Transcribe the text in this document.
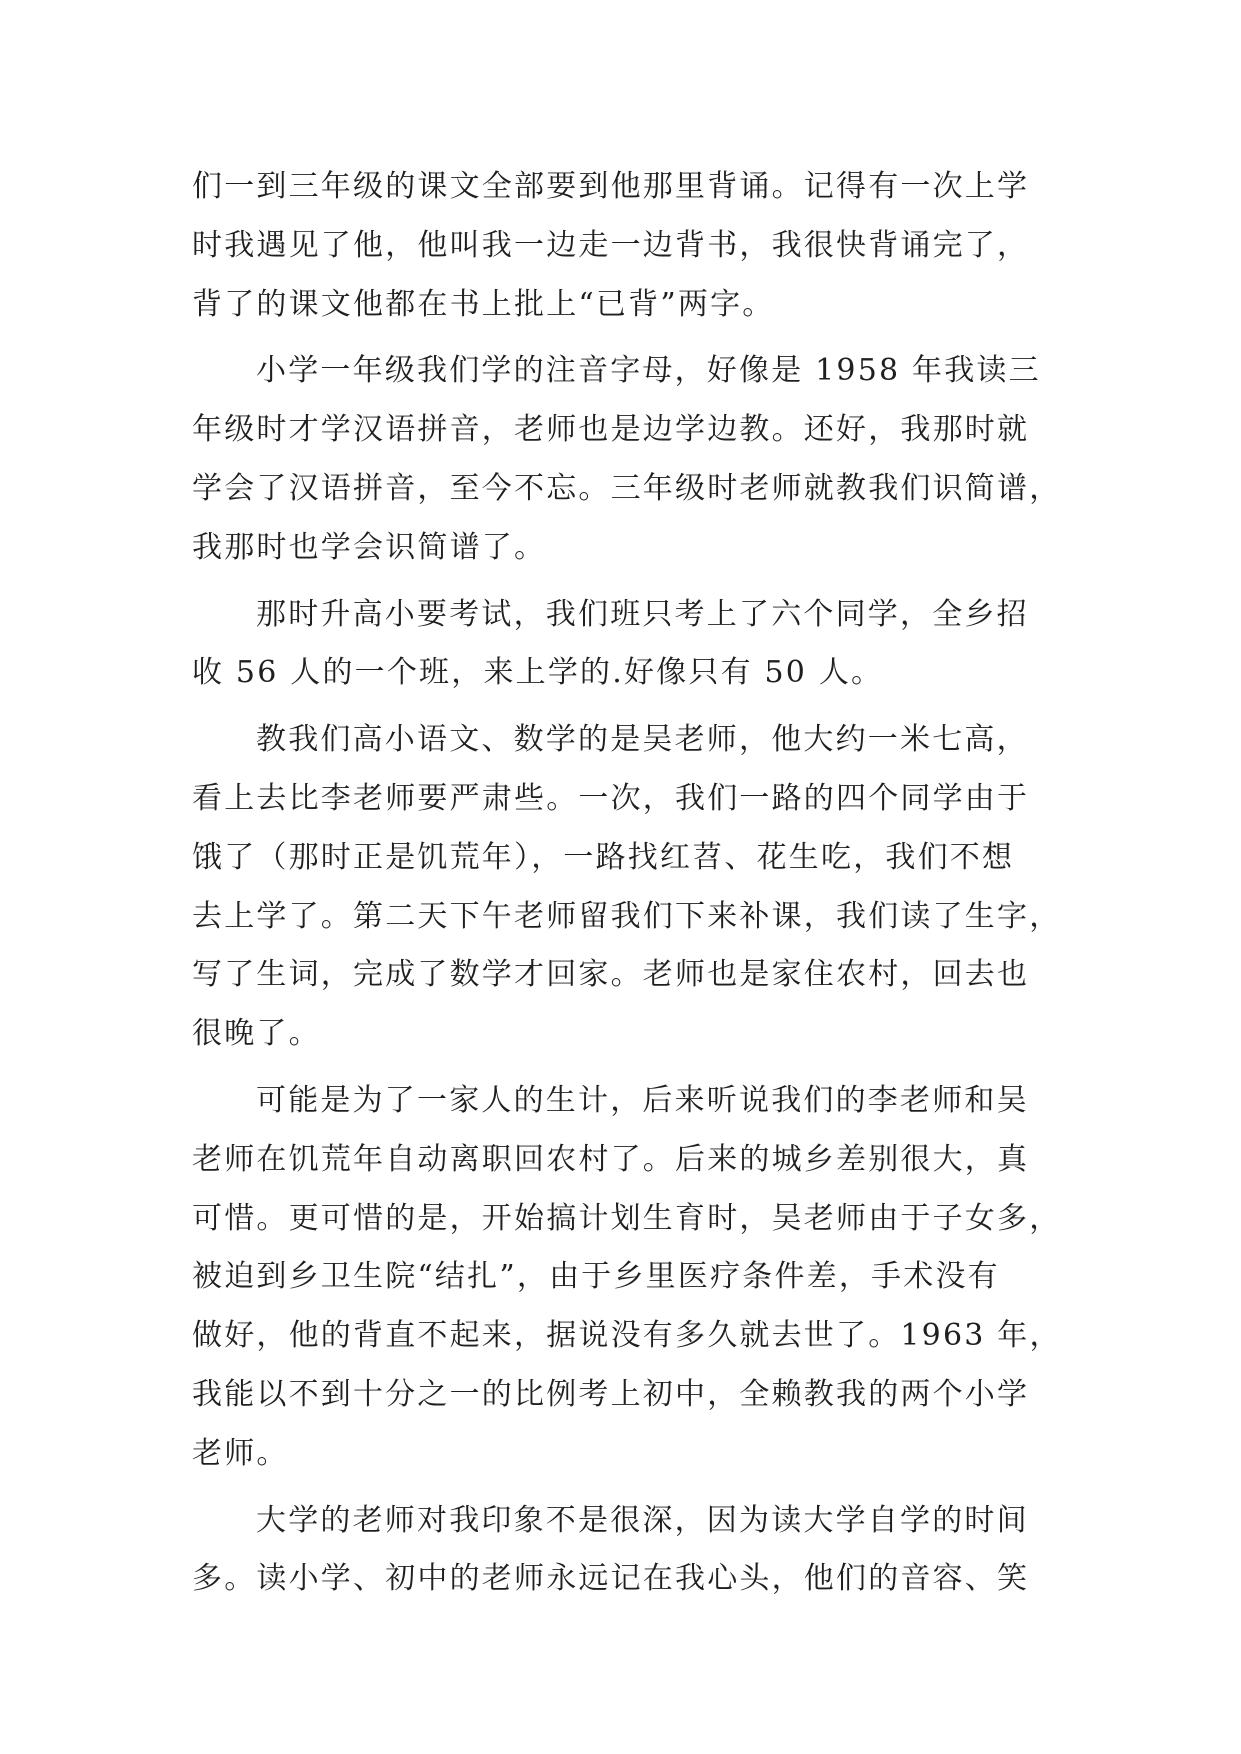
们一到三年级的课文全部要到他那里背诵。记得有一次上学
时我遇见了他，他叫我一边走一边背书，我很快背诵完了，
背了的课文他都在书上批上“已背”两字。
小学一年级我们学的注音字母，好像是 1958 年我读三
年级时才学汉语拼音，老师也是边学边教。还好，我那时就
学会了汉语拼音，至今不忘。三年级时老师就教我们识简谱，
我那时也学会识简谱了。
那时升高小要考试，我们班只考上了六个同学，全乡招
收 56 人的一个班，来上学的.好像只有 50 人。
教我们高小语文、数学的是吴老师，他大约一米七高，
看上去比李老师要严肃些。一次，我们一路的四个同学由于
饿了（那时正是饥荒年），一路找红苕、花生吃，我们不想
去上学了。第二天下午老师留我们下来补课，我们读了生字，
写了生词，完成了数学才回家。老师也是家住农村，回去也
很晚了。
可能是为了一家人的生计，后来听说我们的李老师和吴
老师在饥荒年自动离职回农村了。后来的城乡差别很大，真
可惜。更可惜的是，开始搞计划生育时，吴老师由于子女多，
被迫到乡卫生院“结扎”，由于乡里医疗条件差，手术没有
做好，他的背直不起来，据说没有多久就去世了。1963 年，
我能以不到十分之一的比例考上初中，全赖教我的两个小学
老师。
大学的老师对我印象不是很深，因为读大学自学的时间
多。读小学、初中的老师永远记在我心头，他们的音容、笑
